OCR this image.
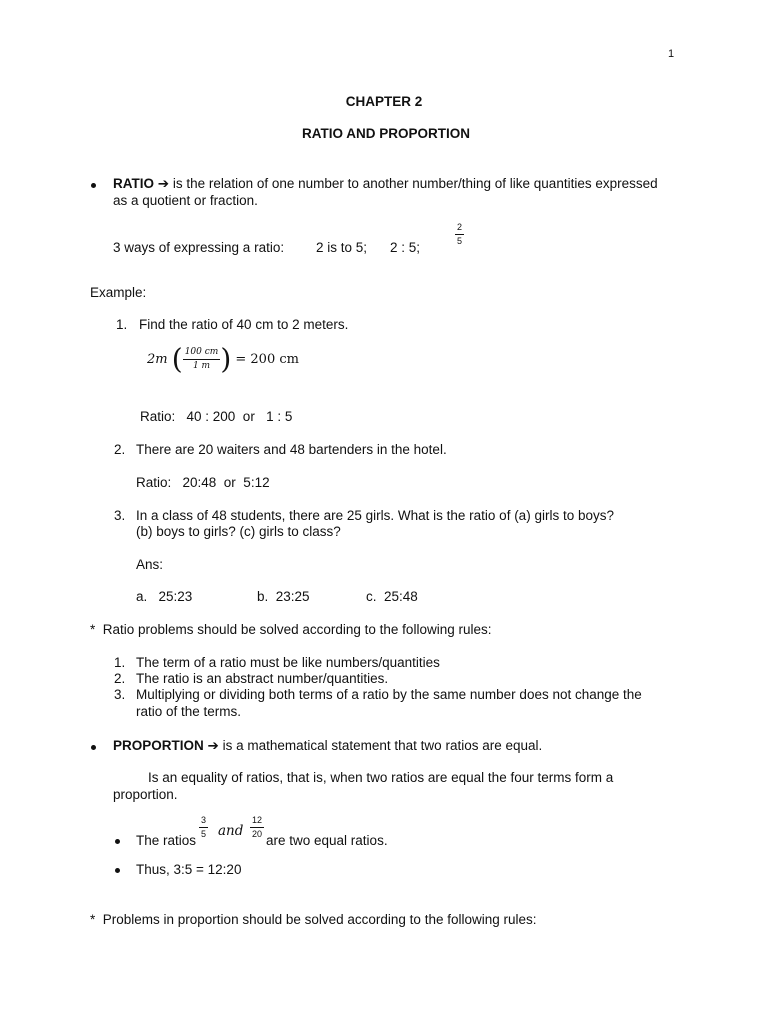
1
CHAPTER 2
RATIO AND PROPORTION
RATIO ➔ is the relation of one number to another number/thing of like quantities expressed
as a quotient or fraction.
3 ways of expressing a ratio: 2 is to 5; 2 : 5;
$\frac{2}{5}$
Example:
1. Find the ratio of 40 cm to 2 meters.
2m ( $\frac{100 cm}{1 m}$ ) = 200 cm
Ratio:   40 : 200  or   1 : 5
2. There are 20 waiters and 48 bartenders in the hotel.
Ratio:   20:48  or  5:12
3. In a class of 48 students, there are 25 girls. What is the ratio of (a) girls to boys?
(b) boys to girls? (c) girls to class?
Ans:
a.   25:23	b.  23:25	c.  25:48
*  Ratio problems should be solved according to the following rules:
1. The term of a ratio must be like numbers/quantities
2. The ratio is an abstract number/quantities.
3. Multiplying or dividing both terms of a ratio by the same number does not change the
ratio of the terms.
PROPORTION ➔ is a mathematical statement that two ratios are equal.
Is an equality of ratios, that is, when two ratios are equal the four terms form a
proportion.
The ratios
$\frac{3}{5}$ and $\frac{12}{20}$
are two equal ratios.
Thus, 3:5 = 12:20
*  Problems in proportion should be solved according to the following rules:
